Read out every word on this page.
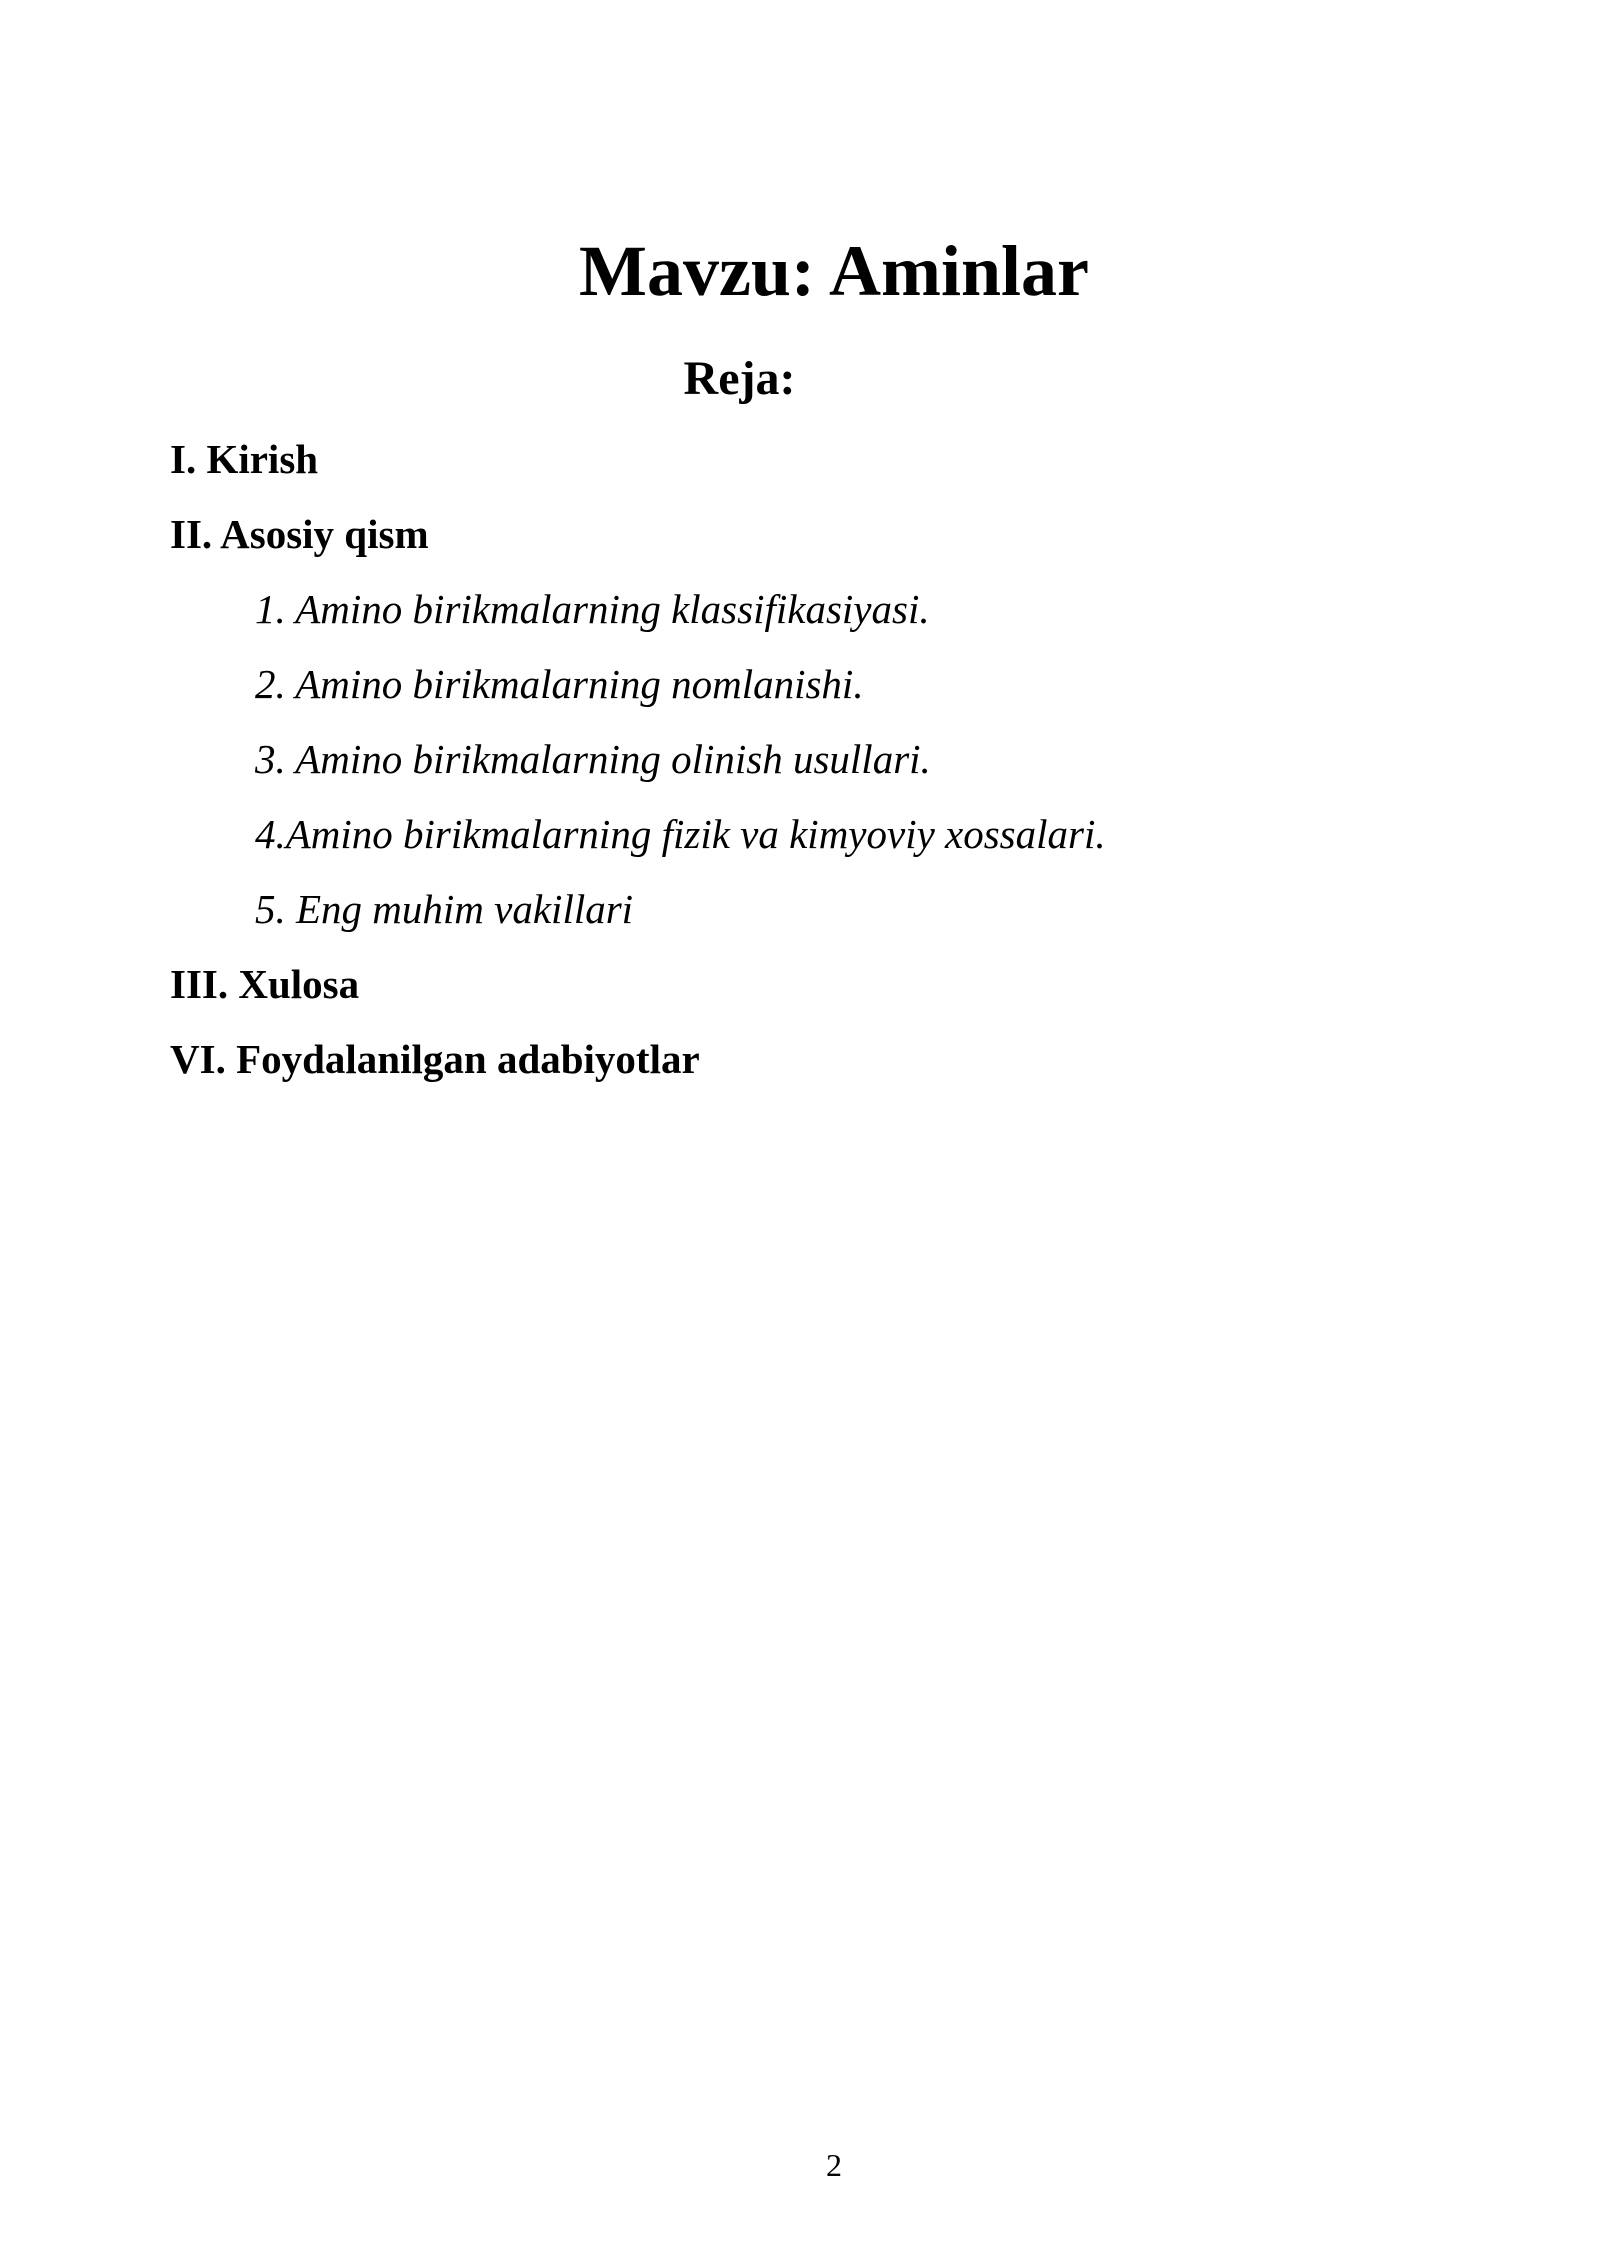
Mavzu: Aminlar
Reja:
I. Kirish
II. Asosiy qism
1. Amino birikmalarning klassifikasiyasi.
2. Amino birikmalarning nomlanishi.
3. Amino birikmalarning olinish usullari.
4.Amino birikmalarning fizik va kimyoviy xossalari.
5. Eng muhim vakillari
III. Xulosa
VI. Foydalanilgan adabiyotlar
2
